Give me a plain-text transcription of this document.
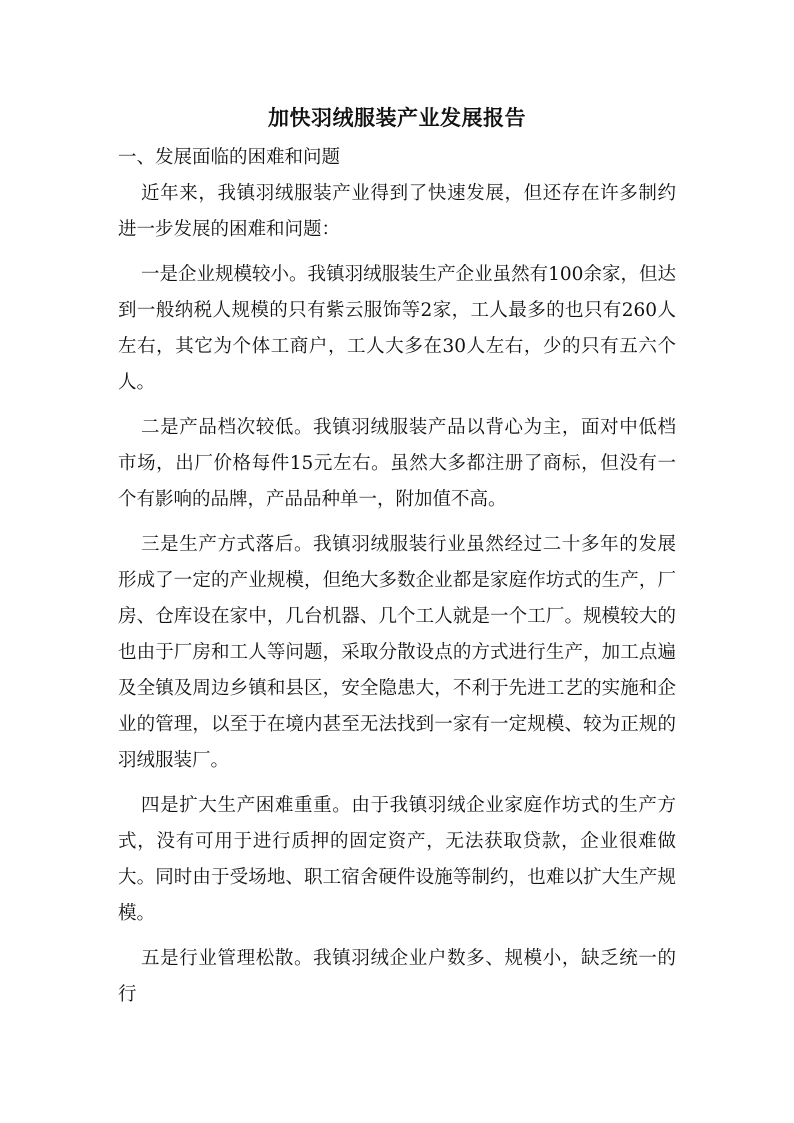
加快羽绒服装产业发展报告
一、发展面临的困难和问题

近年来，我镇羽绒服装产业得到了快速发展，但还存在许多制约进一步发展的困难和问题：

一是企业规模较小。我镇羽绒服装生产企业虽然有100余家，但达到一般纳税人规模的只有紫云服饰等2家，工人最多的也只有260人左右，其它为个体工商户，工人大多在30人左右，少的只有五六个人。

二是产品档次较低。我镇羽绒服装产品以背心为主，面对中低档市场，出厂价格每件15元左右。虽然大多都注册了商标，但没有一个有影响的品牌，产品品种单一，附加值不高。

三是生产方式落后。我镇羽绒服装行业虽然经过二十多年的发展形成了一定的产业规模，但绝大多数企业都是家庭作坊式的生产，厂房、仓库设在家中，几台机器、几个工人就是一个工厂。规模较大的也由于厂房和工人等问题，采取分散设点的方式进行生产，加工点遍及全镇及周边乡镇和县区，安全隐患大，不利于先进工艺的实施和企业的管理，以至于在境内甚至无法找到一家有一定规模、较为正规的羽绒服装厂。

四是扩大生产困难重重。由于我镇羽绒企业家庭作坊式的生产方式，没有可用于进行质押的固定资产，无法获取贷款，企业很难做大。同时由于受场地、职工宿舍硬件设施等制约，也难以扩大生产规模。

五是行业管理松散。我镇羽绒企业户数多、规模小，缺乏统一的行
